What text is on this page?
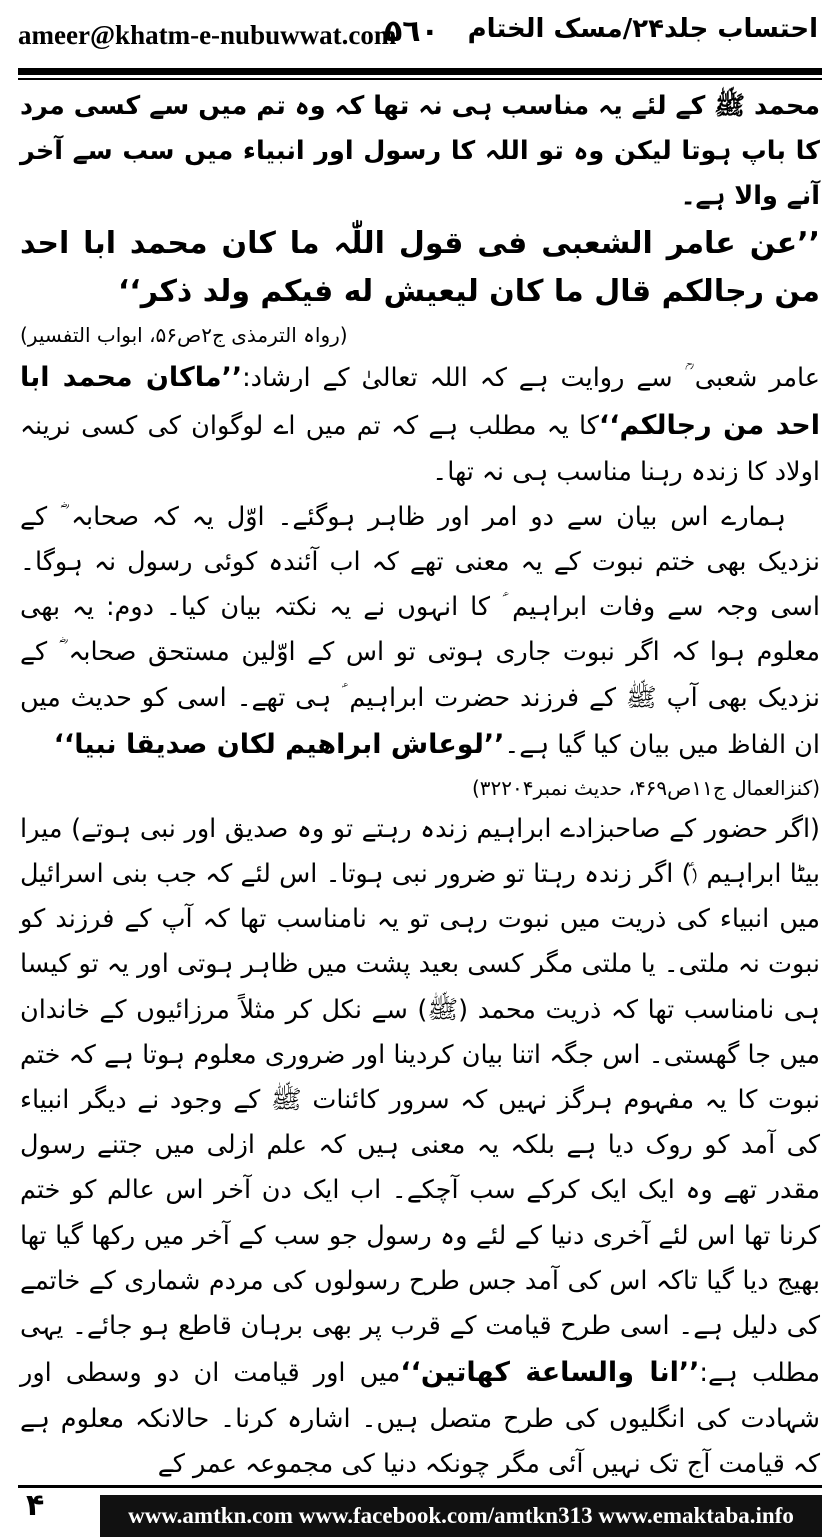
ameer@khatm-e-nubuwwat.com
۵٦٠ احتساب جلد۲۴/مسک الختام

محمد ﷺ کے لئے یہ مناسب ہی نہ تھا کہ وہ تم میں سے کسی مرد کا باپ ہوتا لیکن وہ تو اللہ کا رسول اور انبیاء میں سب سے آخر آنے والا ہے۔

’’عن عامر الشعبی فی قول اللّٰہ ما کان محمد ابا احد من رجالکم قال ما کان لیعیش له فیکم ولد ذکر‘‘

(رواہ الترمذی ج۲ص۵۶، ابواب التفسیر)

عامر شعبی ؒ سے روایت ہے کہ اللہ تعالیٰ کے ارشاد:’’ماکان محمد ابا احد من رجالکم‘‘کا یہ مطلب ہے کہ تم میں اے لوگوان کی کسی نرینہ اولاد کا زندہ رہنا مناسب ہی نہ تھا۔

ہمارے اس بیان سے دو امر اور ظاہر ہوگئے۔ اوّل یہ کہ صحابہ ؓ کے نزدیک بھی ختم نبوت کے یہ معنی تھے کہ اب آئندہ کوئی رسول نہ ہوگا۔ اسی وجہ سے وفات ابراہیم ؑ کا انہوں نے یہ نکتہ بیان کیا۔ دوم: یہ بھی معلوم ہوا کہ اگر نبوت جاری ہوتی تو اس کے اوّلین مستحق صحابہ ؓ کے نزدیک بھی آپ ﷺ کے فرزند حضرت ابراہیم ؑ ہی تھے۔ اسی کو حدیث میں ان الفاظ میں بیان کیا گیا ہے۔’’لوعاش ابراهیم لکان صدیقا نبیا‘‘

(کنزالعمال ج۱۱ص۴۶۹، حدیث نمبر۳۲۲۰۴)

(اگر حضور کے صاحبزادے ابراہیم زندہ رہتے تو وہ صدیق اور نبی ہوتے) میرا بیٹا ابراہیم (ؑ) اگر زندہ رہتا تو ضرور نبی ہوتا۔ اس لئے کہ جب بنی اسرائیل میں انبیاء کی ذریت میں نبوت رہی تو یہ نامناسب تھا کہ آپ کے فرزند کو نبوت نہ ملتی۔ یا ملتی مگر کسی بعید پشت میں ظاہر ہوتی اور یہ تو کیسا ہی نامناسب تھا کہ ذریت محمد (ﷺ) سے نکل کر مثلاً مرزائیوں کے خاندان میں جا گھستی۔ اس جگہ اتنا بیان کردینا اور ضروری معلوم ہوتا ہے کہ ختم نبوت کا یہ مفہوم ہرگز نہیں کہ سرور کائنات ﷺ کے وجود نے دیگر انبیاء کی آمد کو روک دیا ہے بلکہ یہ معنی ہیں کہ علم ازلی میں جتنے رسول مقدر تھے وہ ایک ایک کرکے سب آچکے۔ اب ایک دن آخر اس عالم کو ختم کرنا تھا اس لئے آخری دنیا کے لئے وہ رسول جو سب کے آخر میں رکھا گیا تھا بھیج دیا گیا تاکہ اس کی آمد جس طرح رسولوں کی مردم شماری کے خاتمے کی دلیل ہے۔ اسی طرح قیامت کے قرب پر بھی برہان قاطع ہو جائے۔ یہی مطلب ہے:’’انا والساعة کهاتین‘‘میں اور قیامت ان دو وسطی اور شہادت کی انگلیوں کی طرح متصل ہیں۔ اشارہ کرنا۔ حالانکہ معلوم ہے کہ قیامت آج تک نہیں آئی مگر چونکہ دنیا کی مجموعہ عمر کے

۴	www.amtkn.com www.facebook.com/amtkn313 www.emaktaba.info
